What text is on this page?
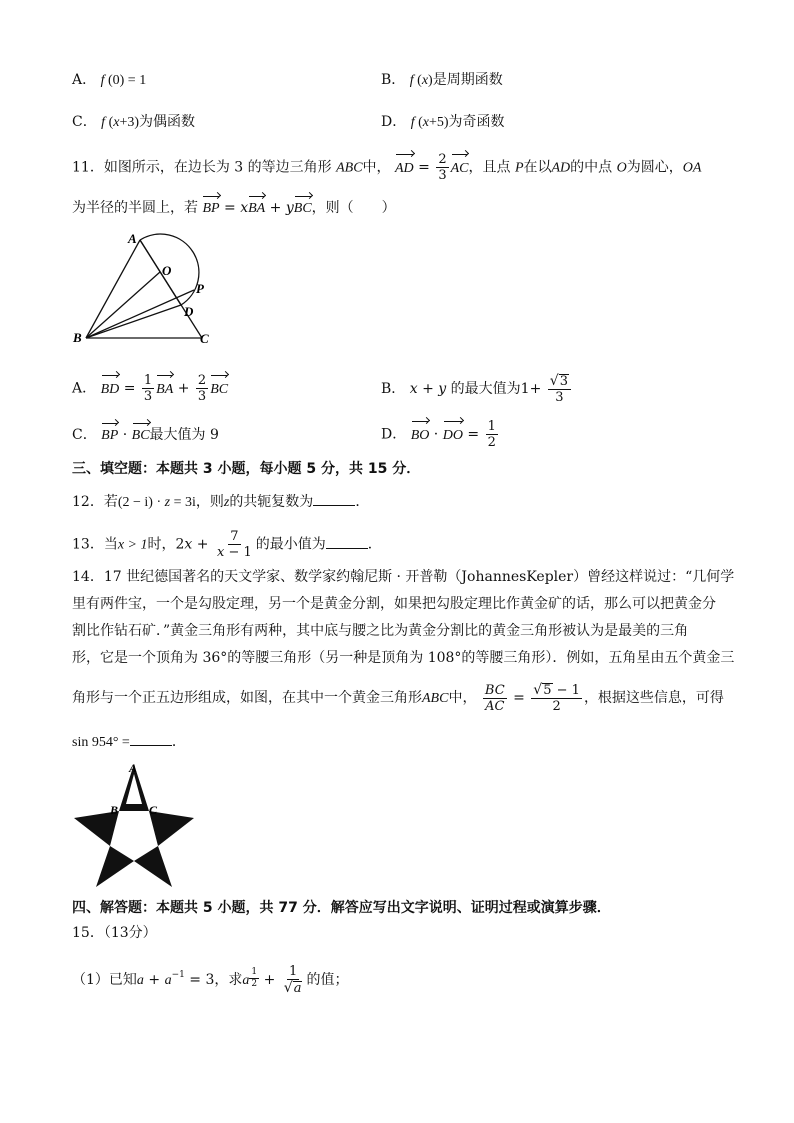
A． f (0) = 1	B． f (x)是周期函数
C． f (x+3)为偶函数	D． f (x+5)为奇函数
11．如图所示，在边长为 3 的等边三角形 ABC中， AD = $\frac{2}{3}$ AC，且点 P在以AD的中点 O为圆心，OA
为半径的半圆上，若 BP = xBA + yBC，则（　　）
A
B	C
D
O
P
A． BD = $\frac{1}{3}$ BA + $\frac{2}{3}$ BC	B． x + y 的最大值为$1+ \frac{√ 3}{3}$
C． BP · BC最大值为 9	D． BO · DO = $\frac{1}{2}$
三、填空题：本题共 3 小题，每小题 5 分，共 15 分．
12．若(2 − i) · z = 3i，则z的共轭复数为	．
13．当x > 1时，$2x + \frac{7}{x - 1}$ 的最小值为	．
14．17 世纪德国著名的天文学家、数学家约翰尼斯 · 开普勒（JohannesKepler）曾经这样说过：“几何学
里有两件宝，一个是勾股定理，另一个是黄金分割，如果把勾股定理比作黄金矿的话，那么可以把黄金分
割比作钻石矿．”黄金三角形有两种，其中底与腰之比为黄金分割比的黄金三角形被认为是最美的三角
形，它是一个顶角为 36°的等腰三角形（另一种是顶角为 108°的等腰三角形）．例如，五角星由五个黄金三
角形与一个正五边形组成，如图，在其中一个黄金三角形ABC中， $\frac{BC}{AC} = \frac{√ 5 - 1}{2}$ ，根据这些信息，可得
sin 954° =	．
A
B	C
四、解答题：本题共 5 小题，共 77 分．解答应写出文字说明、证明过程或演算步骤．
15．（13分）
（1）已知$a + a^{-1} = 3$，求a $\frac{1}{2} + \frac{1}{√ a}$ 的值；
